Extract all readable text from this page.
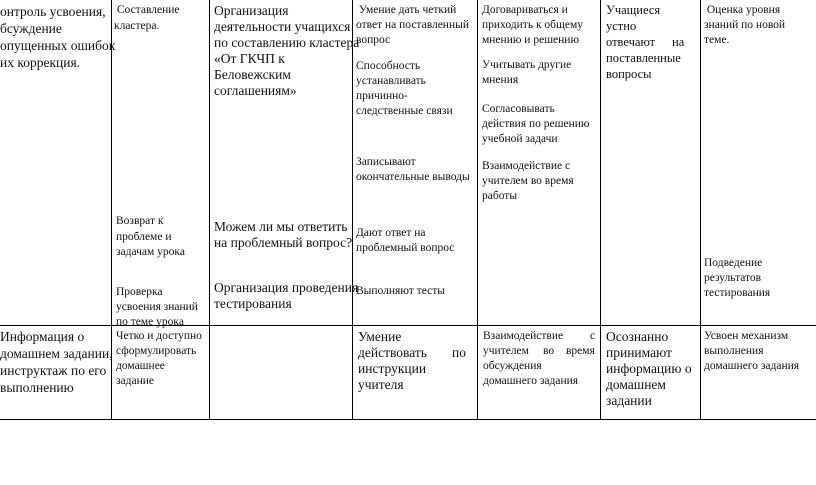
онтроль усвоения,
бсуждение
опущенных ошибок
их коррекция.
Составление
кластера.
Возврат к
проблеме и
задачам урока
Проверка
усвоения знаний
по теме урока
Организация
деятельности учащихся
по составлению кластера
«От ГКЧП к
Беловежским
соглашениям»
Можем ли мы ответить
на проблемный вопрос?
Организация проведения
тестирования
Умение дать четкий
ответ на поставленный
вопрос
Способность
устанавливать
причинно-
следственные связи
Записывают
окончательные выводы
Дают ответ на
проблемный вопрос
Выполняют тесты
Договариваться и
приходить к общему
мнению и решению
Учитывать другие
мнения
Согласовывать
действия по решению
учебной задачи
Взаимодействие с
учителем во время
работы
Учащиеся
устно
отвечают на
поставленные
вопросы
Оценка уровня
знаний по новой
теме.
Подведение
результатов
тестирования
Информация о
домашнем задании,
инструктаж по его
выполнению
Четко и доступно
сформулировать
домашнее
задание
Умение
действовать по
инструкции
учителя
Взаимодействие с
учителем во время
обсуждения
домашнего задания
Осознанно
принимают
информацию о
домашнем
задании
Усвоен механизм
выполнения
домашнего задания
